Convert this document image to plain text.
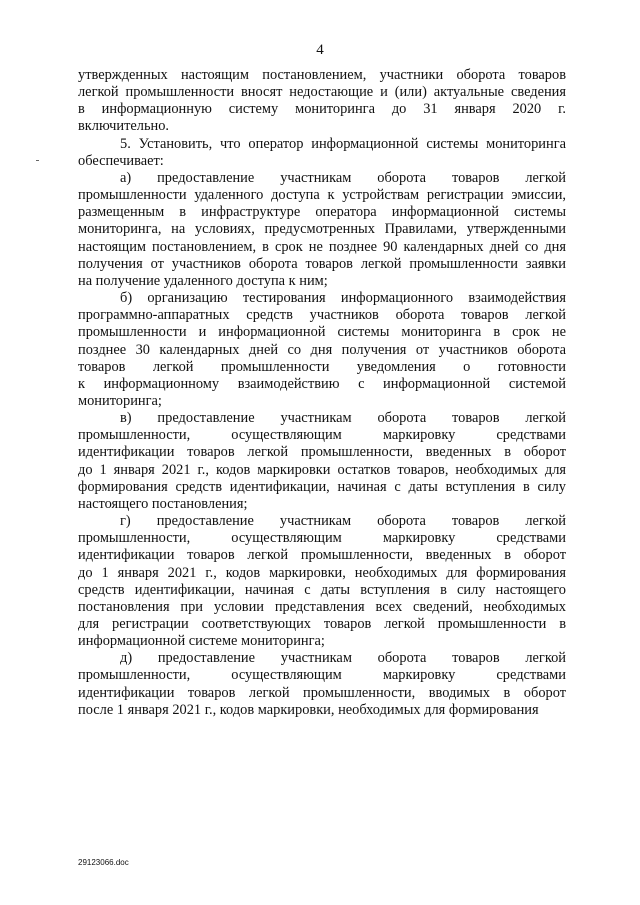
4

утвержденных настоящим постановлением, участники оборота товаров

легкой промышленности вносят недостающие и (или) актуальные сведения

в информационную систему мониторинга до 31 января 2020 г.

включительно.

5. Установить, что оператор информационной системы мониторинга

обеспечивает:

а) предоставление участникам оборота товаров легкой

промышленности удаленного доступа к устройствам регистрации эмиссии,

размещенным в инфраструктуре оператора информационной системы

мониторинга, на условиях, предусмотренных Правилами, утвержденными

настоящим постановлением, в срок не позднее 90 календарных дней со дня

получения от участников оборота товаров легкой промышленности заявки

на получение удаленного доступа к ним;

б) организацию тестирования информационного взаимодействия

программно-аппаратных средств участников оборота товаров легкой

промышленности и информационной системы мониторинга в срок не

позднее 30 календарных дней со дня получения от участников оборота

товаров легкой промышленности уведомления о готовности

к информационному взаимодействию с информационной системой

мониторинга;

в) предоставление участникам оборота товаров легкой

промышленности, осуществляющим маркировку средствами

идентификации товаров легкой промышленности, введенных в оборот

до 1 января 2021 г., кодов маркировки остатков товаров, необходимых для

формирования средств идентификации, начиная с даты вступления в силу

настоящего постановления;

г) предоставление участникам оборота товаров легкой

промышленности, осуществляющим маркировку средствами

идентификации товаров легкой промышленности, введенных в оборот

до 1 января 2021 г., кодов маркировки, необходимых для формирования

средств идентификации, начиная с даты вступления в силу настоящего

постановления при условии представления всех сведений, необходимых

для регистрации соответствующих товаров легкой промышленности в

информационной системе мониторинга;

д) предоставление участникам оборота товаров легкой

промышленности, осуществляющим маркировку средствами

идентификации товаров легкой промышленности, вводимых в оборот

после 1 января 2021 г., кодов маркировки, необходимых для формирования

29123066.doc
